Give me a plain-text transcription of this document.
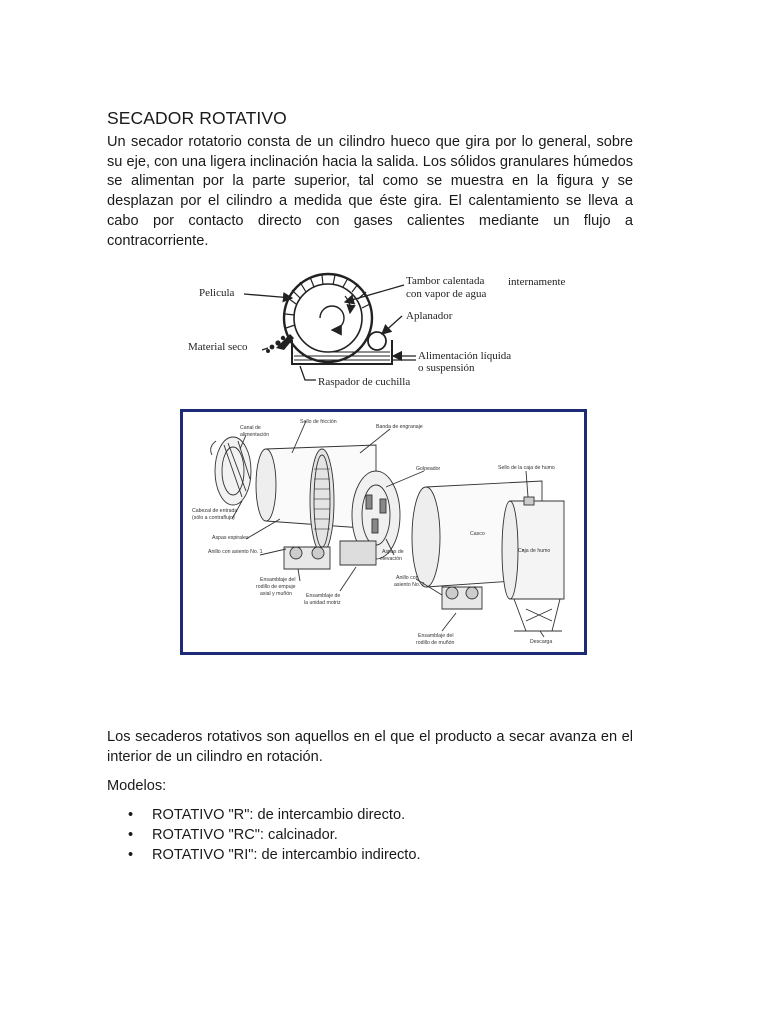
SECADOR ROTATIVO
Un secador rotatorio consta de un cilindro hueco que gira por lo general, sobre su eje, con una ligera inclinación hacia la salida. Los sólidos granulares húmedos se alimentan por la parte superior, tal como se muestra en la figura y se desplazan por el cilindro a medida que éste gira. El calentamiento se lleva a cabo por contacto directo con gases calientes mediante un flujo a contracorriente.
Pelicula
Tambor calentada internamente
con vapor de agua
Aplanador
Material seco
Alimentación líquida
o suspensión
Raspador de cuchilla
Canal de
alimentación
Sello de fricción
Banda de engranaje
Golpeador	Sello de la caja de humo
Cabezal de entrada
(sólo a contraflujo)
Aspas espirales
Anillo con asiento No. 1	Aspas de
elevación
Casco
Caja de humo
Ensamblaje del
rodillo de empuje
axial y muñón
Anillo con
asiento No. 2
Ensamblaje de
la unidad motriz
Descarga
Ensamblaje del
rodillo de muñón
Los secaderos rotativos son aquellos en el que el producto a secar avanza en el interior de un cilindro en rotación.
Modelos:
• ROTATIVO "R": de intercambio directo.
• ROTATIVO "RC": calcinador.
• ROTATIVO "RI": de intercambio indirecto.
